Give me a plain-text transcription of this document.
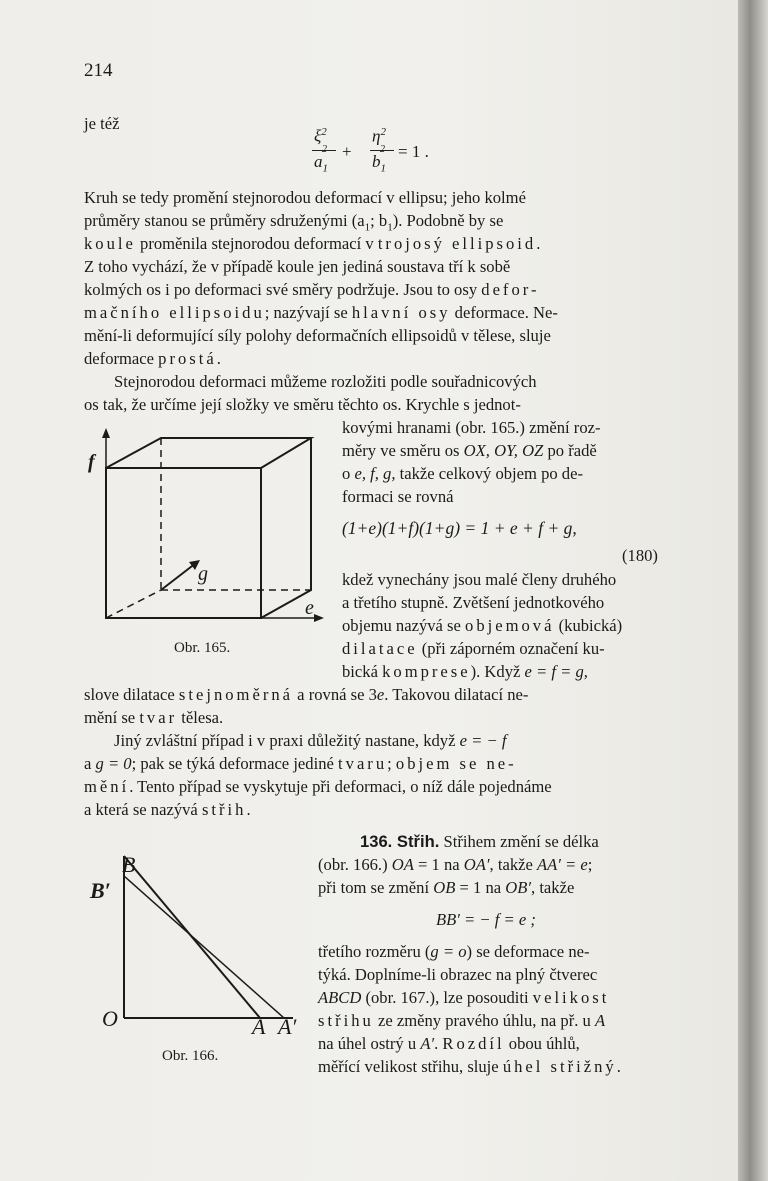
214
je též
$\xi^2$
$a_1$
2 +
$\eta^2$
$b_1$
2 = 1 .
Kruh se tedy promění stejnorodou deformací v ellipsu; jeho kolmé
průměry stanou se průměry sdruženými ($a_1$; $b_1$). Podobně by se
koule proměnila stejnorodou deformací v trojosý ellipsoid.
Z toho vychází, že v případě koule jen jediná soustava tří k sobě
kolmých os i po deformaci své směry podržuje. Jsou to osy defor-
mačního ellipsoidu; nazývají se hlavní osy deformace. Ne-
mění-li deformující síly polohy deformačních ellipsoidů v tělese, sluje
deformace prostá.
Stejnorodou deformaci můžeme rozložiti podle souřadnicových
os tak, že určíme její složky ve směru těchto os. Krychle s jednot-
kovými hranami (obr. 165.) změní roz-
měry ve směru os OX, OY, OZ po řadě
o e, f, g, takže celkový objem po de-
formaci se rovná
(1+e)(1+f)(1+g) = 1 + e + f + g,
(180)
f
g
e
Obr. 165.
kdež vynechány jsou malé členy druhého
a třetího stupně. Zvětšení jednotkového
objemu nazývá se objemová (kubická)
dilatace (při záporném označení ku-
bická komprese). Když e = f = g,
slove dilatace stejnoměrná a rovná se 3e. Takovou dilatací ne-
mění se tvar tělesa.
Jiný zvláštní případ i v praxi důležitý nastane, když e = − f
a g = 0; pak se týká deformace jediné tvaru; objem se ne-
mění. Tento případ se vyskytuje při deformaci, o níž dále pojednáme
a která se nazývá střih.
136. Střih. Střihem změní se délka
(obr. 166.) OA = 1 na OA′, takže AA′ = e;
při tom se změní OB = 1 na OB′, takže
BB′ = − f = e ;
třetího rozměru (g = o) se deformace ne-
týká. Doplníme-li obrazec na plný čtverec
ABCD (obr. 167.), lze posouditi velikost
střihu ze změny pravého úhlu, na př. u A
na úhel ostrý u A′. Rozdíl obou úhlů,
měřící velikost střihu, sluje úhel střižný.
B
B′
O	A A′
Obr. 166.
